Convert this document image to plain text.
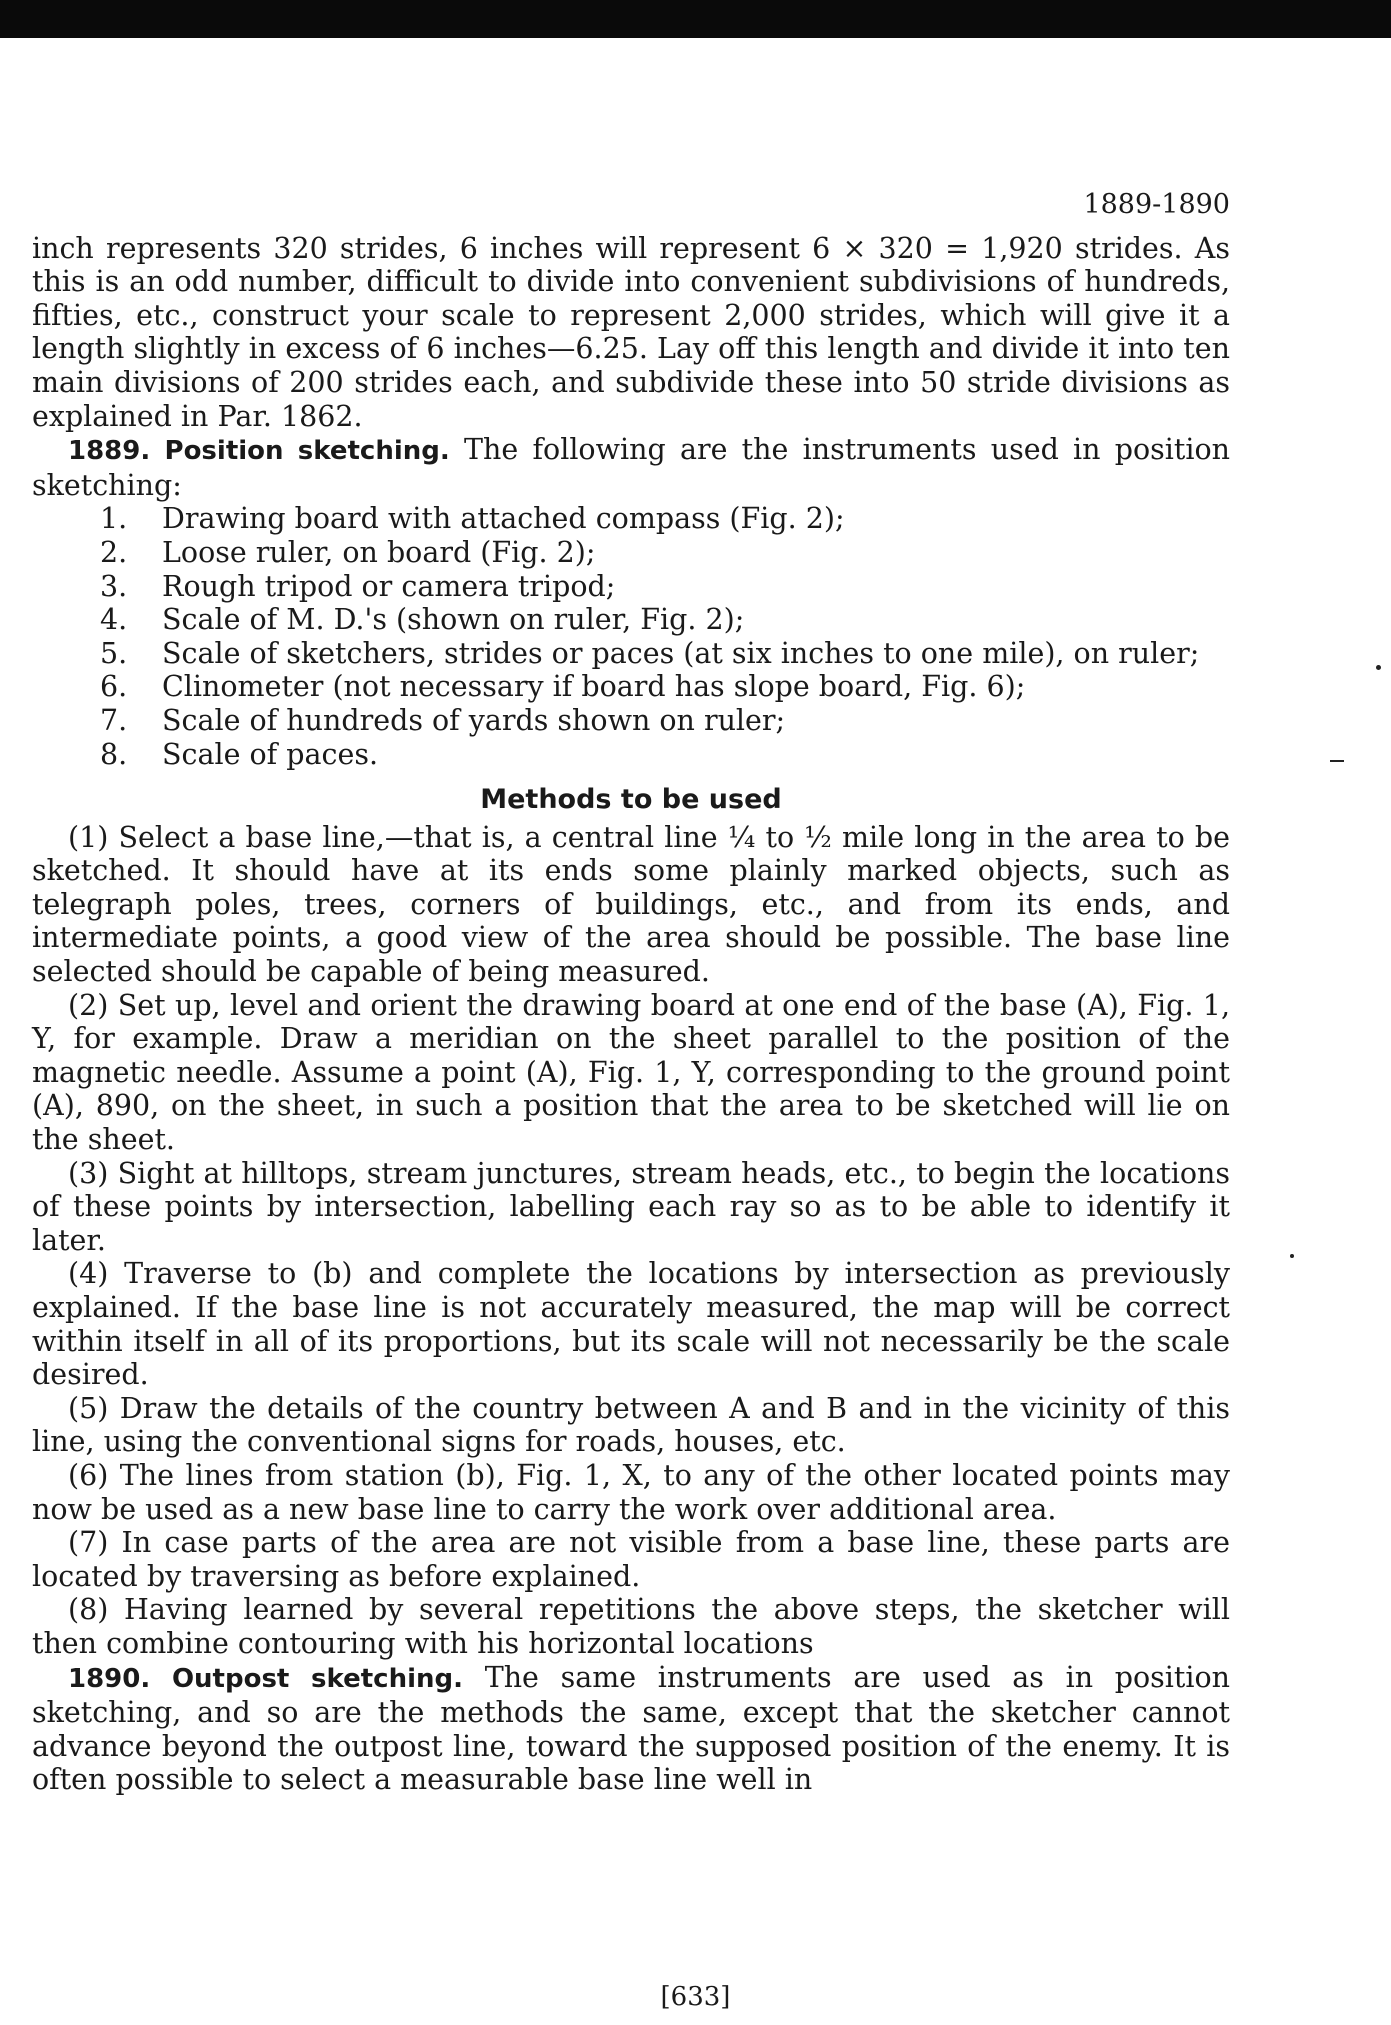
1889-1890

inch represents 320 strides, 6 inches will represent 6 × 320 = 1,920 strides. As this is an odd number, difficult to divide into convenient subdivisions of hundreds, fifties, etc., construct your scale to represent 2,000 strides, which will give it a length slightly in excess of 6 inches—6.25. Lay off this length and divide it into ten main divisions of 200 strides each, and subdivide these into 50 stride divisions as explained in Par. 1862.

1889. Position sketching. The following are the instruments used in position sketching:

1. Drawing board with attached compass (Fig. 2);
2. Loose ruler, on board (Fig. 2);
3. Rough tripod or camera tripod;
4. Scale of M. D.'s (shown on ruler, Fig. 2);
5. Scale of sketchers, strides or paces (at six inches to one mile), on ruler;
6. Clinometer (not necessary if board has slope board, Fig. 6);
7. Scale of hundreds of yards shown on ruler;
8. Scale of paces.
Methods to be used

(1) Select a base line,—that is, a central line ¼ to ½ mile long in the area to be sketched. It should have at its ends some plainly marked objects, such as telegraph poles, trees, corners of buildings, etc., and from its ends, and intermediate points, a good view of the area should be possible. The base line selected should be capable of being measured.

(2) Set up, level and orient the drawing board at one end of the base (A), Fig. 1, Y, for example. Draw a meridian on the sheet parallel to the position of the magnetic needle. Assume a point (A), Fig. 1, Y, corresponding to the ground point (A), 890, on the sheet, in such a position that the area to be sketched will lie on the sheet.

(3) Sight at hilltops, stream junctures, stream heads, etc., to begin the locations of these points by intersection, labelling each ray so as to be able to identify it later.

(4) Traverse to (b) and complete the locations by intersection as previously explained. If the base line is not accurately measured, the map will be correct within itself in all of its proportions, but its scale will not necessarily be the scale desired.

(5) Draw the details of the country between A and B and in the vicinity of this line, using the conventional signs for roads, houses, etc.

(6) The lines from station (b), Fig. 1, X, to any of the other located points may now be used as a new base line to carry the work over additional area.

(7) In case parts of the area are not visible from a base line, these parts are located by traversing as before explained.

(8) Having learned by several repetitions the above steps, the sketcher will then combine contouring with his horizontal locations

1890. Outpost sketching. The same instruments are used as in position sketching, and so are the methods the same, except that the sketcher cannot advance beyond the outpost line, toward the supposed position of the enemy. It is often possible to select a measurable base line well in

[633]
